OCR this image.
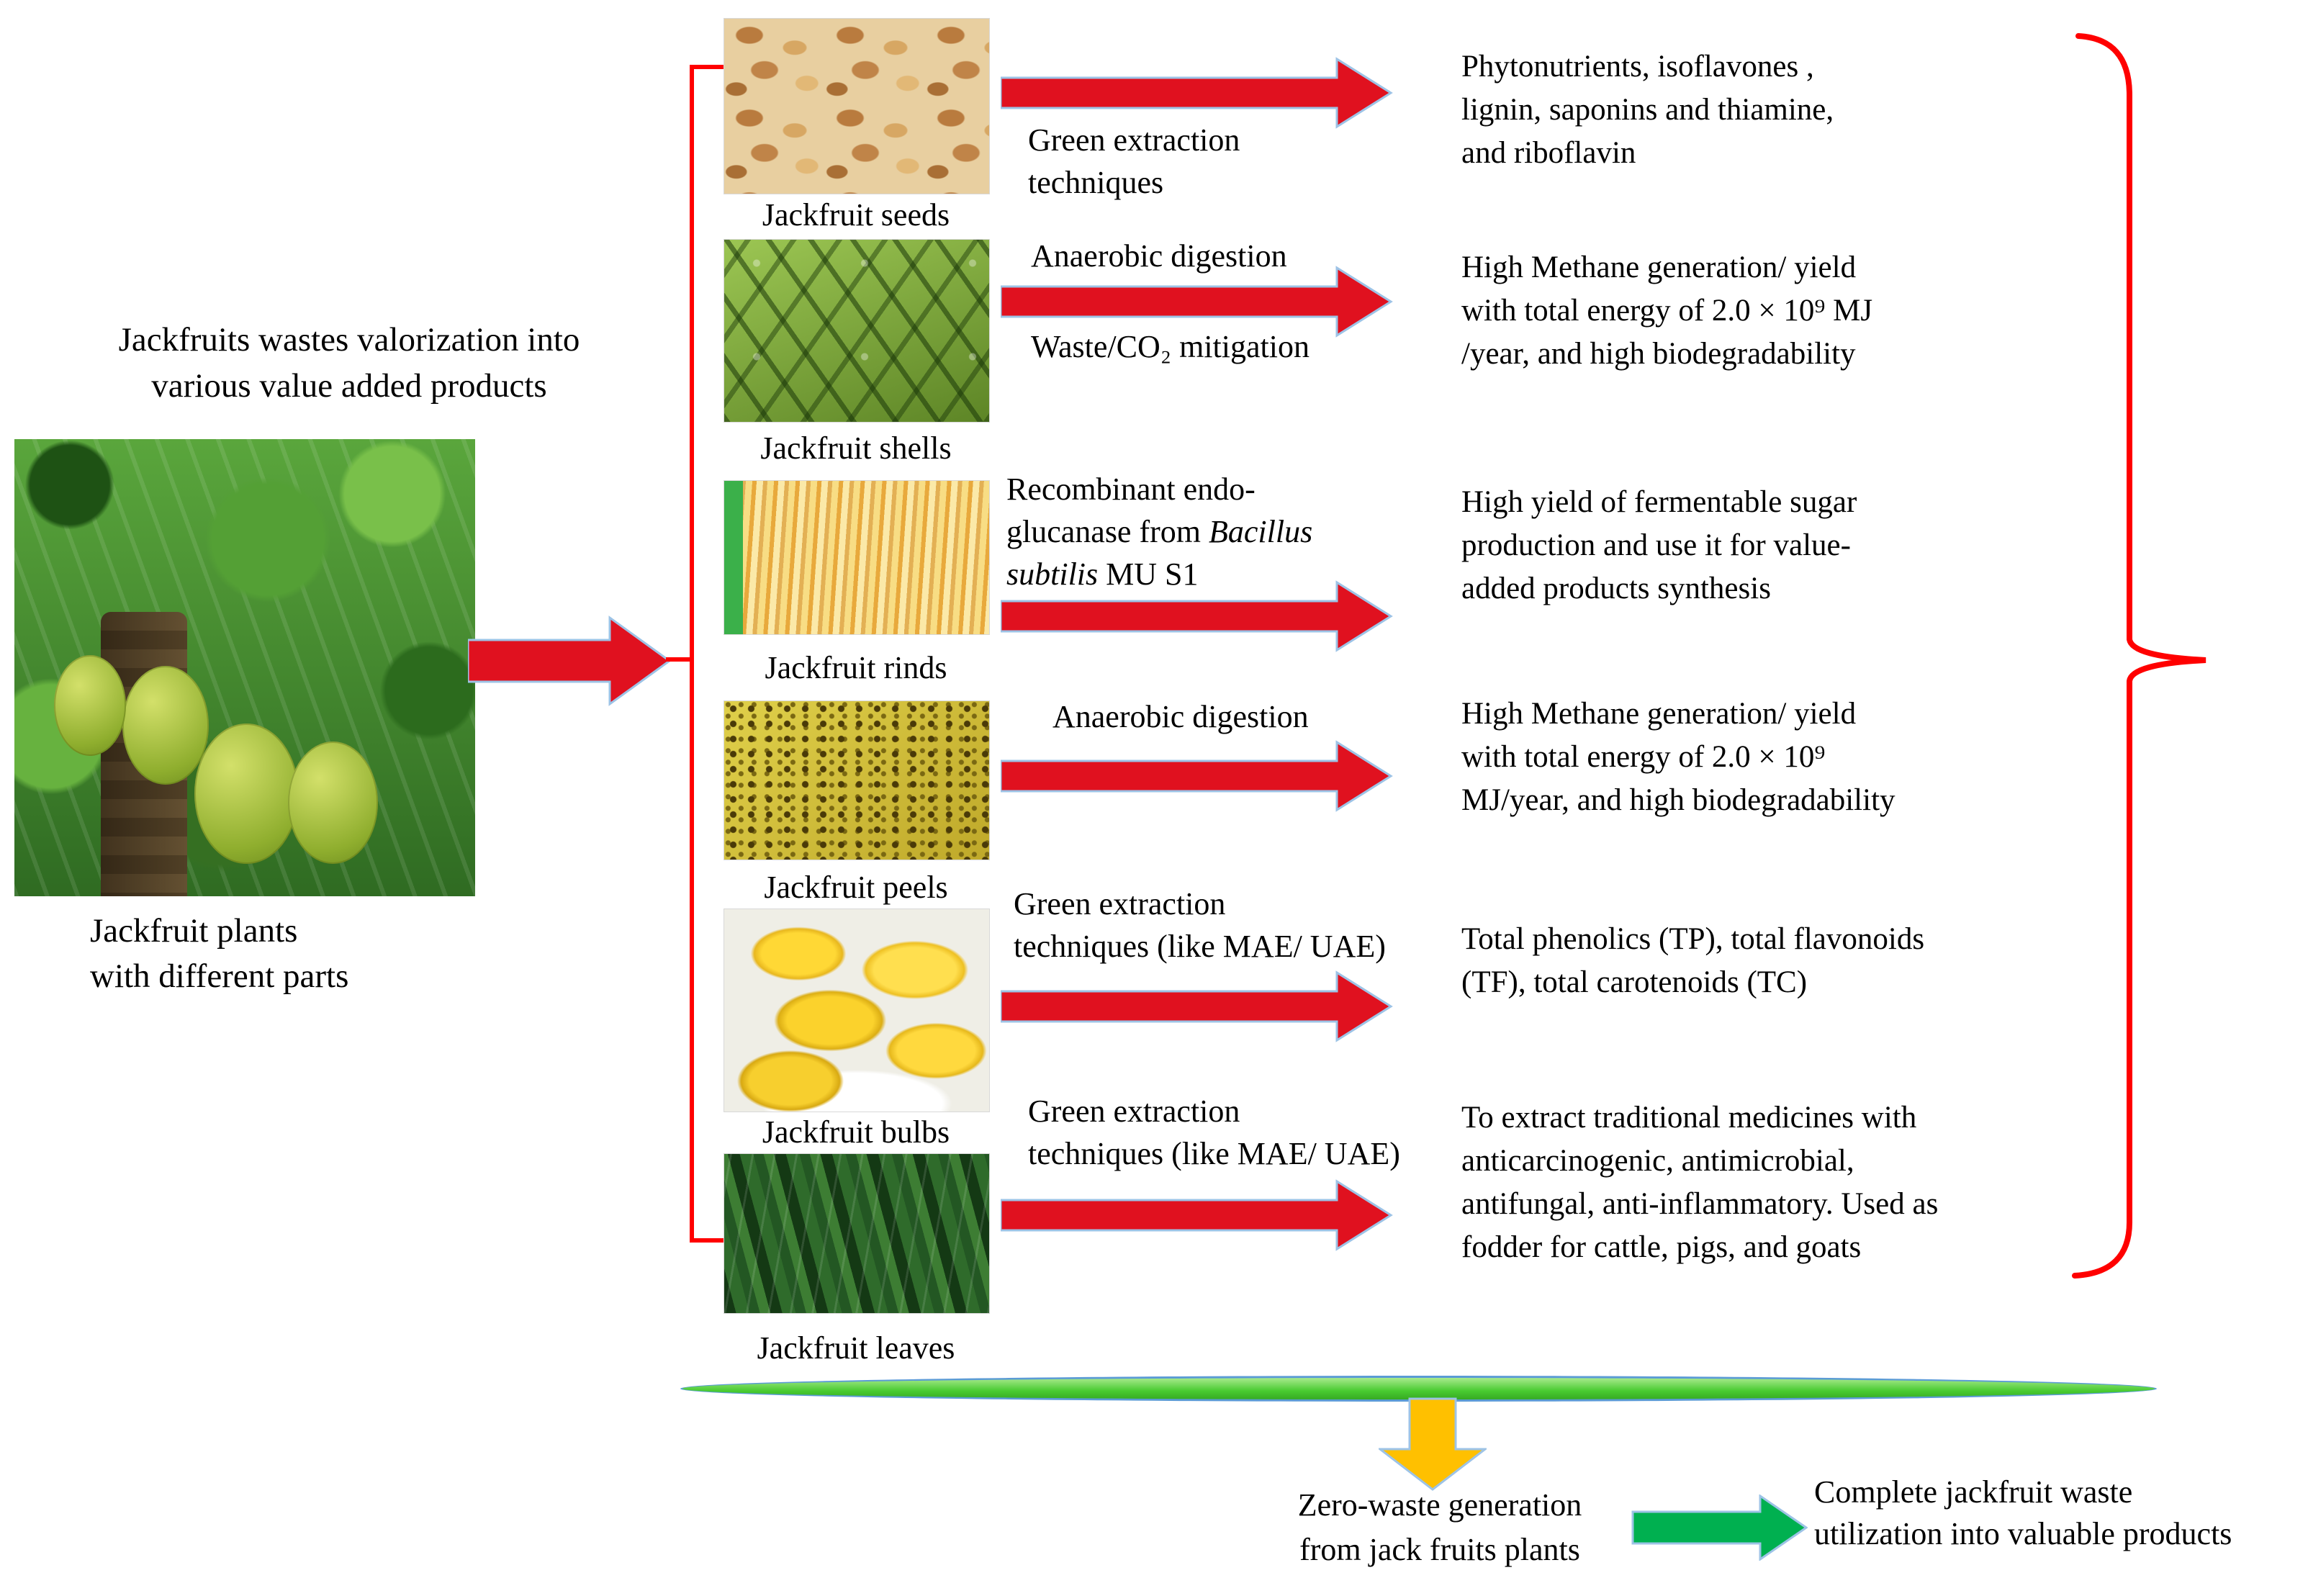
Jackfruits wastes valorization into
various value added products
Jackfruit plants
with different parts
Jackfruit seeds
Jackfruit shells
Jackfruit rinds
Jackfruit peels
Jackfruit bulbs
Jackfruit leaves
Green extraction
techniques
Anaerobic digestion
Waste/CO₂ mitigation
Recombinant endo-
glucanase from Bacillus
subtilis MU S1
Anaerobic digestion
Green extraction
techniques (like MAE/ UAE)
Green extraction
techniques (like MAE/ UAE)
Phytonutrients, isoflavones ,
lignin, saponins and thiamine,
and riboflavin
High Methane generation/ yield
with total energy of 2.0 × 10⁹ MJ
/year, and high biodegradability
High yield of fermentable sugar
production and use it for value-
added products synthesis
High Methane generation/ yield
with total energy of 2.0 × 10⁹
MJ/year, and high biodegradability
Total phenolics (TP), total flavonoids
(TF), total carotenoids (TC)
To extract traditional medicines with
anticarcinogenic, antimicrobial,
antifungal, anti-inflammatory. Used as
fodder for cattle, pigs, and goats
Zero-waste generation
from jack fruits plants
Complete jackfruit waste
utilization into valuable products
